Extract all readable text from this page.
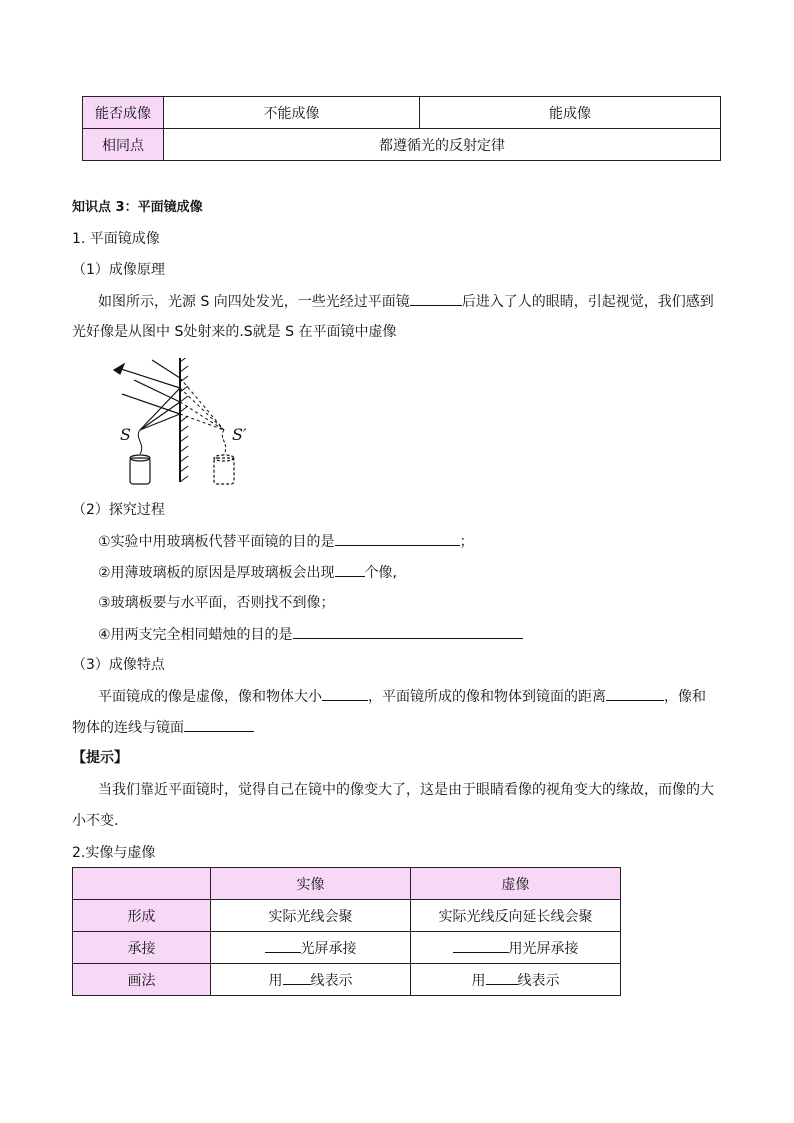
能否成像	不能成像	能成像
相同点	都遵循光的反射定律	
知识点 3：平面镜成像
1. 平面镜成像
（1）成像原理
如图所示，光源 S 向四处发光，一些光经过平面镜	后进入了人的眼睛，引起视觉，我们感到
光好像是从图中 S处射来的.S就是 S 在平面镜中虚像
S	S′
（2）探究过程
①实验中用玻璃板代替平面镜的目的是	；
②用薄玻璃板的原因是厚玻璃板会出现 个像,
③玻璃板要与水平面，否则找不到像；
④用两支完全相同蜡烛的目的是
（3）成像特点
平面镜成的像是虚像，像和物体大小	，平面镜所成的像和物体到镜面的距离	，像和
物体的连线与镜面
【提示】
当我们靠近平面镜时，觉得自己在镜中的像变大了，这是由于眼睛看像的视角变大的缘故，而像的大
小不变.
2.实像与虚像
	实像	虚像
形成	实际光线会聚	实际光线反向延长线会聚
承接	光屏承接	用光屏承接
画法	用 线表示	用 线表示
